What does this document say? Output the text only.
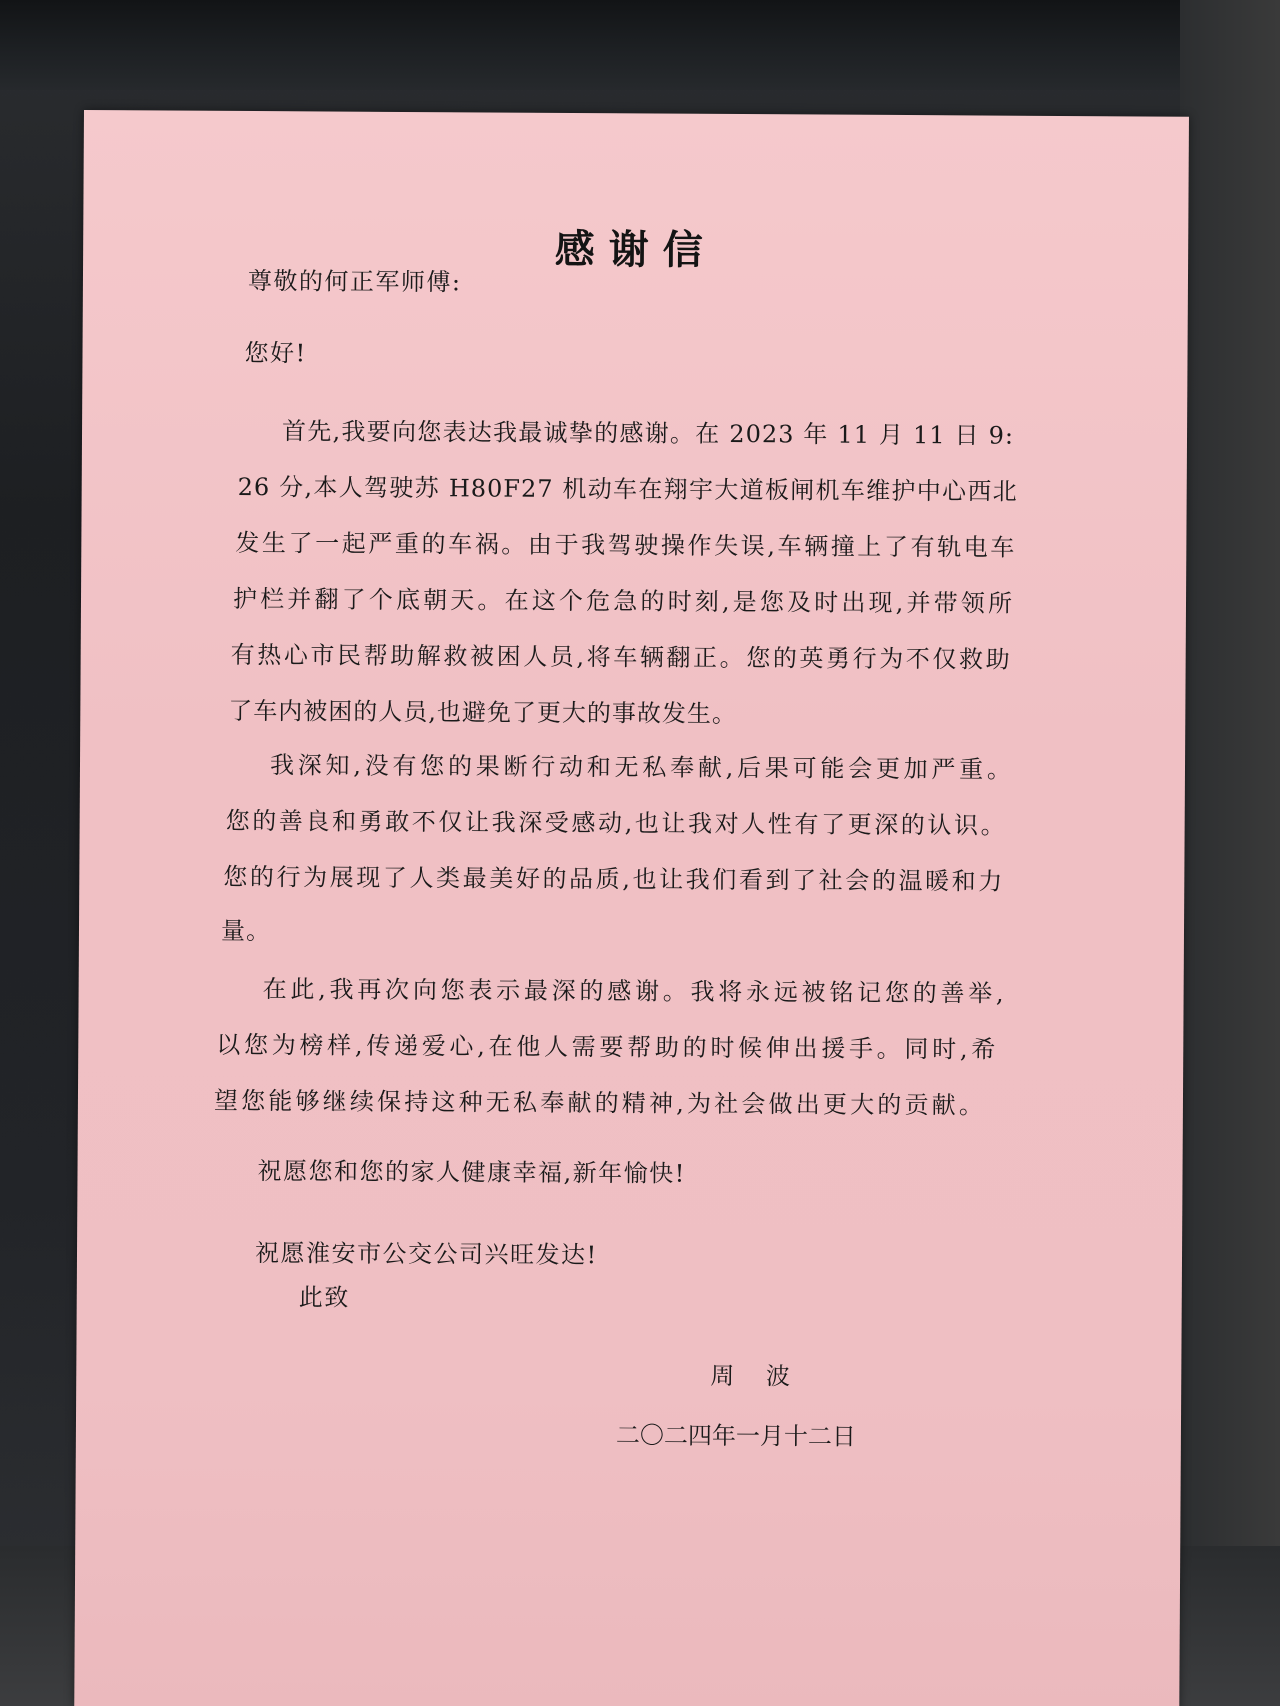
感谢信
尊敬的何正军师傅:
您好!
首先,我要向您表达我最诚挚的感谢。在 2023 年 11 月 11 日 9:
26 分,本人驾驶苏 H80F27 机动车在翔宇大道板闸机车维护中心西北
发生了一起严重的车祸。由于我驾驶操作失误,车辆撞上了有轨电车
护栏并翻了个底朝天。在这个危急的时刻,是您及时出现,并带领所
有热心市民帮助解救被困人员,将车辆翻正。您的英勇行为不仅救助
了车内被困的人员,也避免了更大的事故发生。
我深知,没有您的果断行动和无私奉献,后果可能会更加严重。
您的善良和勇敢不仅让我深受感动,也让我对人性有了更深的认识。
您的行为展现了人类最美好的品质,也让我们看到了社会的温暖和力
量。
在此,我再次向您表示最深的感谢。我将永远被铭记您的善举,
以您为榜样,传递爱心,在他人需要帮助的时候伸出援手。同时,希
望您能够继续保持这种无私奉献的精神,为社会做出更大的贡献。
祝愿您和您的家人健康幸福,新年愉快!
祝愿淮安市公交公司兴旺发达!
此致
周 波
二〇二四年一月十二日
